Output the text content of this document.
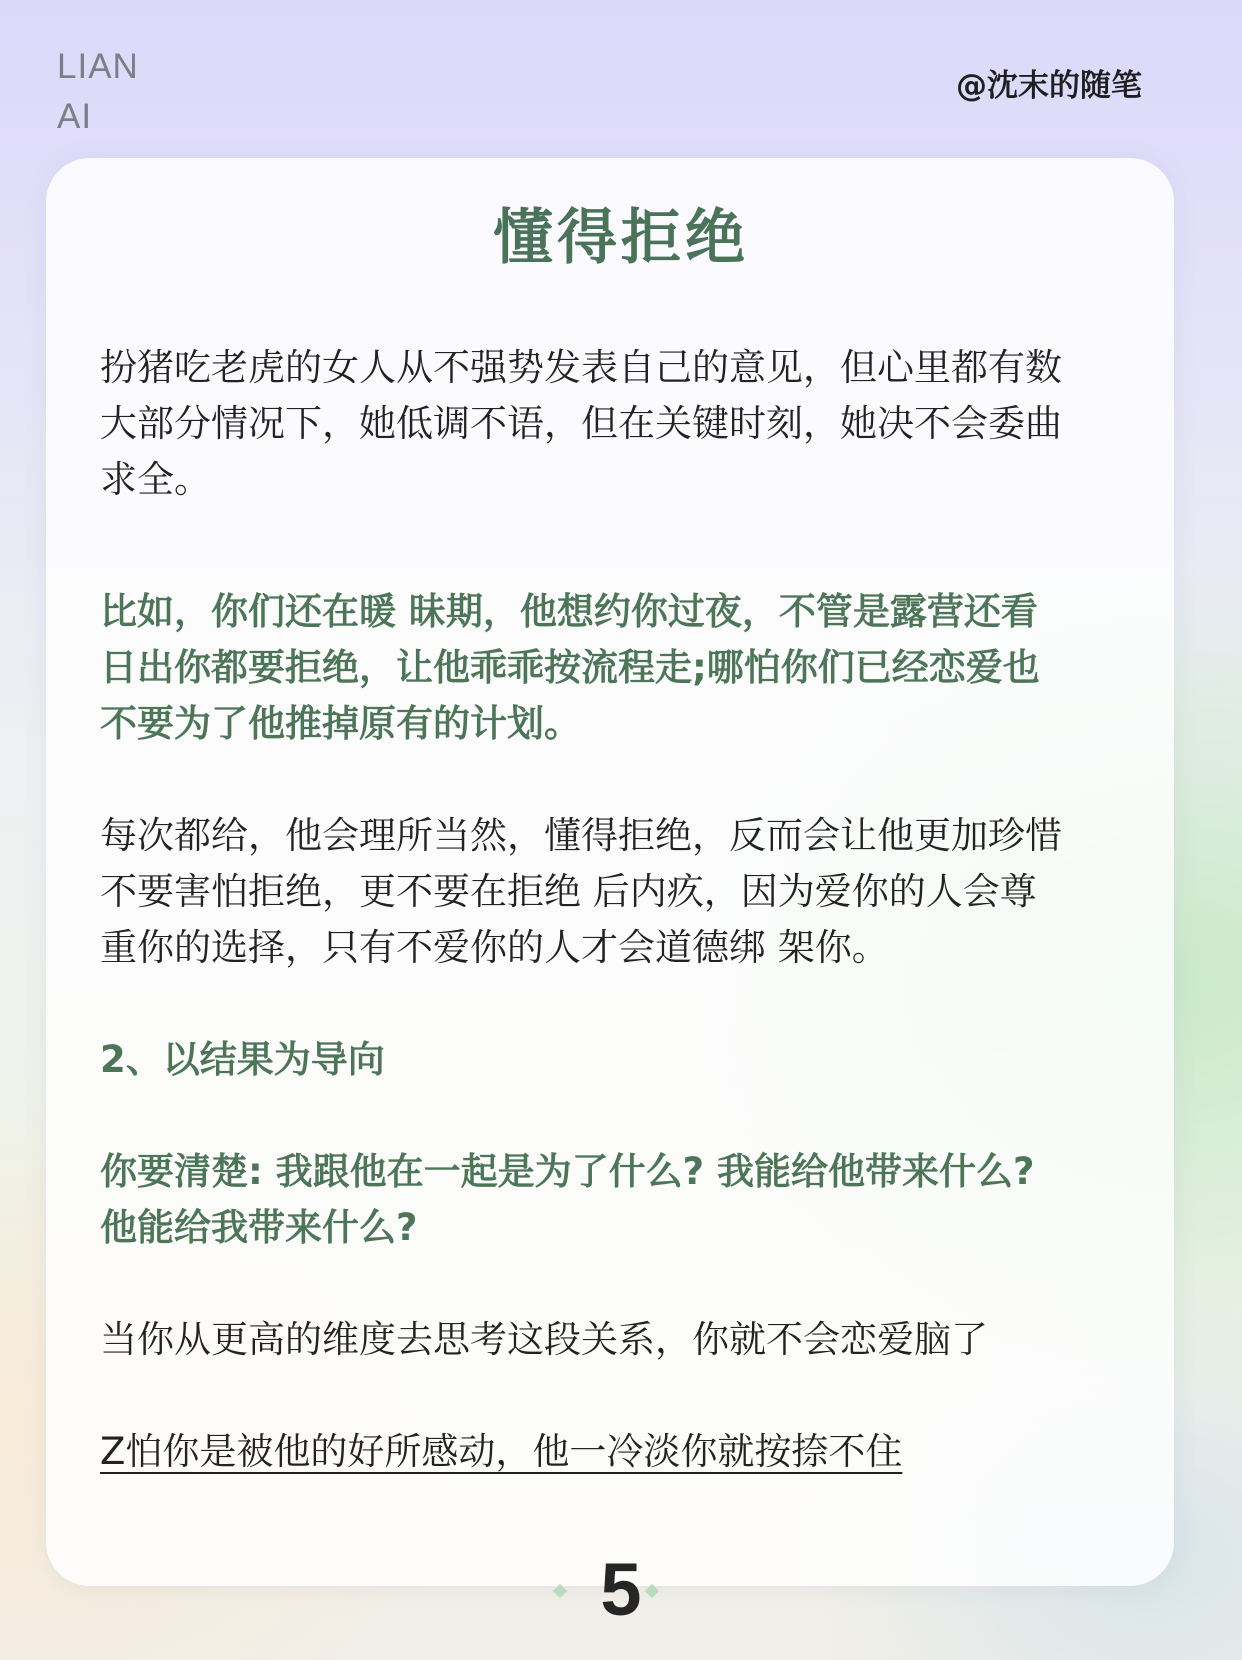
LIAN
AI
@沈末的随笔
懂得拒绝

扮猪吃老虎的女人从不强势发表自己的意见，但心里都有数
大部分情况下，她低调不语，但在关键时刻，她决不会委曲
求全。

比如，你们还在暖 昧期，他想约你过夜，不管是露营还看
日出你都要拒绝，让他乖乖按流程走;哪怕你们已经恋爱也
不要为了他推掉原有的计划。

每次都给，他会理所当然，懂得拒绝，反而会让他更加珍惜
不要害怕拒绝，更不要在拒绝 后内疚，因为爱你的人会尊
重你的选择，只有不爱你的人才会道德绑 架你。

2、以结果为导向

你要清楚: 我跟他在一起是为了什么? 我能给他带来什么?
他能给我带来什么?

当你从更高的维度去思考这段关系，你就不会恋爱脑了

Z怕你是被他的好所感动，他一冷淡你就按捺不住

5
